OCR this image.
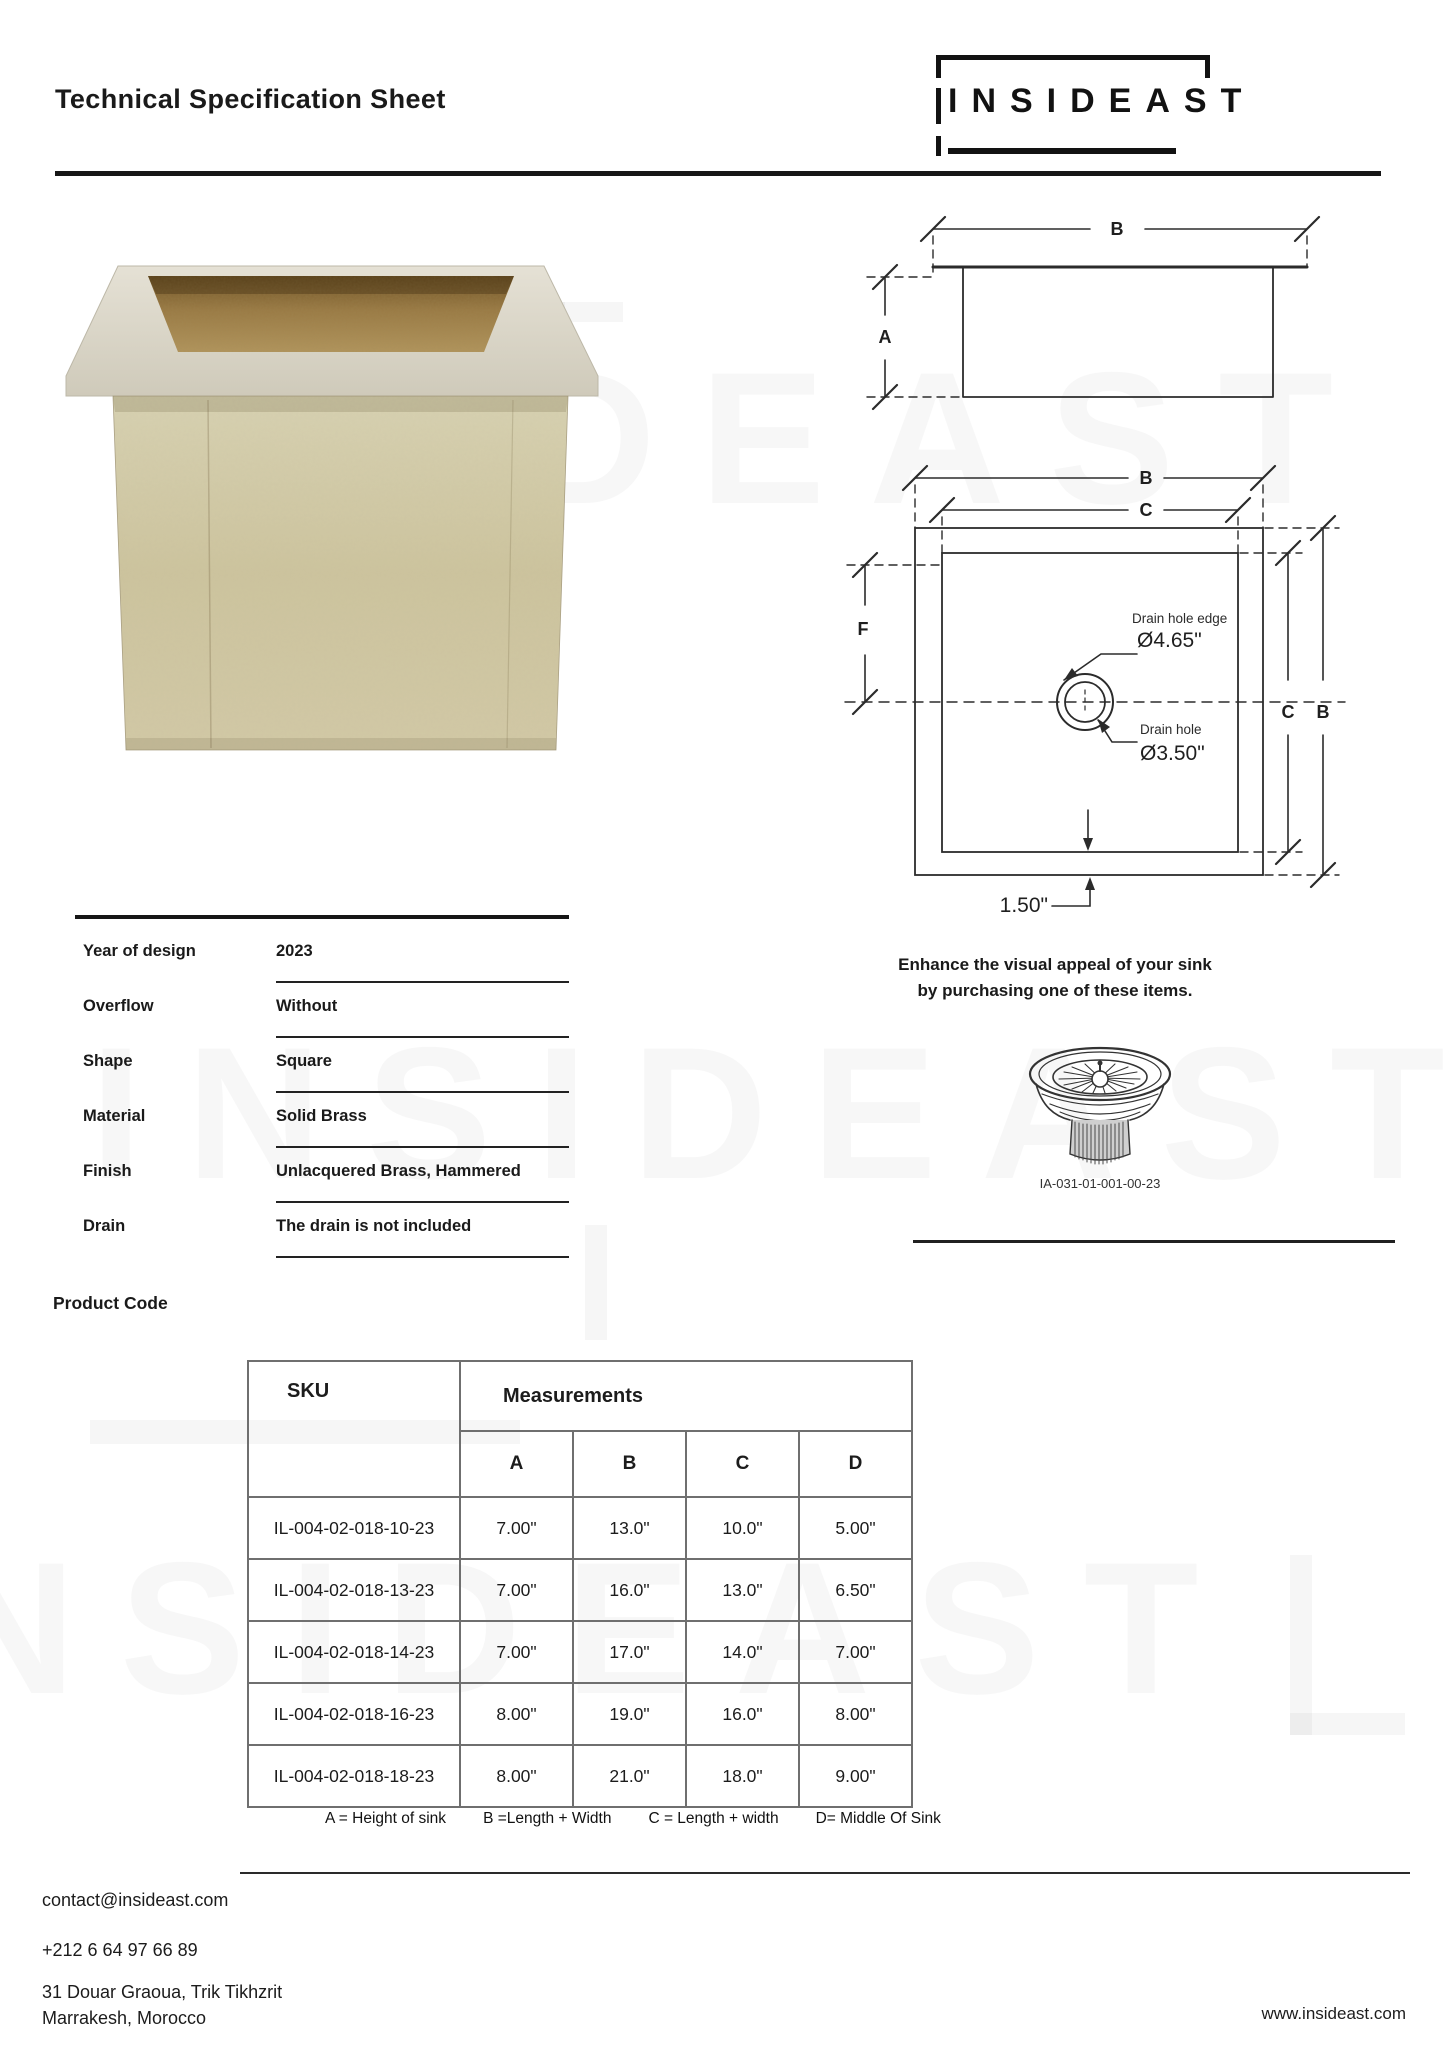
Technical Specification Sheet	INSIDEAST
B
A
B
C
F
C B
Drain hole edge
Ø4.65"
Drain hole
Ø3.50"
1.50"
Year of design	2023
Overflow	Without
Shape	Square
Material	Solid Brass
Finish	Unlacquered Brass, Hammered
Drain	The drain is not included
Enhance the visual appeal of your sink
by purchasing one of these items.
IA-031-01-001-00-23
Product Code
SKU	Measurements			
	A	B	C	D
IL-004-02-018-10-23	7.00"	13.0"	10.0"	5.00"
IL-004-02-018-13-23	7.00"	16.0"	13.0"	6.50"
IL-004-02-018-14-23	7.00"	17.0"	14.0"	7.00"
IL-004-02-018-16-23	8.00"	19.0"	16.0"	8.00"
IL-004-02-018-18-23	8.00"	21.0"	18.0"	9.00"
A = Height of sink B =Length + Width C = Length + width D= Middle Of Sink
contact@insideast.com
+212 6 64 97 66 89
31 Douar Graoua, Trik Tikhzrit
Marrakesh, Morocco	www.insideast.com
